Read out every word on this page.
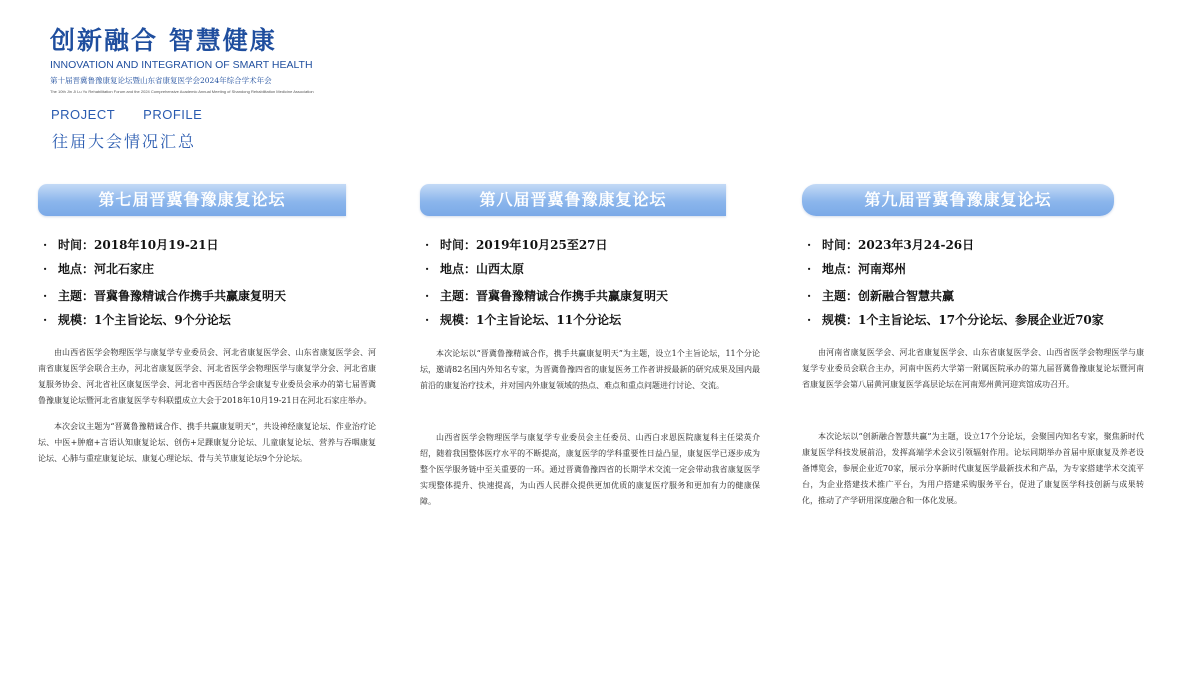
创新融合 智慧健康
INNOVATION AND INTEGRATION OF SMART HEALTH
第十届晋冀鲁豫康复论坛暨山东省康复医学会2024年综合学术年会
The 10th Jin Ji Lu Yu Rehabilitation Forum and the 2024 Comprehensive Academic Annual Meeting of Shandong Rehabilitation Medicine Association
PROJECT PROFILE
往届大会情况汇总
第七届晋冀鲁豫康复论坛
· 时间：2018年10月19-21日
· 地点：河北石家庄
· 主题：晋冀鲁豫精诚合作携手共赢康复明天
· 规模：1个主旨论坛、9个分论坛

由山西省医学会物理医学与康复学专业委员会、河北省康复医学会、山东省康复医学会、河南省康复医学会联合主办，河北省康复医学会、河北省医学会物理医学与康复学分会、河北省康复服务协会、河北省社区康复医学会、河北省中西医结合学会康复专业委员会承办的第七届晋冀鲁豫康复论坛暨河北省康复医学专科联盟成立大会于2018年10月19-21日在河北石家庄举办。

本次会议主题为“晋冀鲁豫精诚合作、携手共赢康复明天”，共设神经康复论坛、作业治疗论坛、中医+肿瘤+言语认知康复论坛、创伤+足踝康复分论坛、儿童康复论坛、营养与吞咽康复论坛、心肺与重症康复论坛、康复心理论坛、骨与关节康复论坛9个分论坛。

第八届晋冀鲁豫康复论坛
· 时间：2019年10月25至27日
· 地点：山西太原
· 主题：晋冀鲁豫精诚合作携手共赢康复明天
· 规模：1个主旨论坛、11个分论坛

本次论坛以“晋冀鲁豫精诚合作，携手共赢康复明天”为主题，设立1个主旨论坛，11个分论坛，邀请82名国内外知名专家，为晋冀鲁豫四省的康复医务工作者讲授最新的研究成果及国内最前沿的康复治疗技术，并对国内外康复领域的热点、难点和重点问题进行讨论、交流。

山西省医学会物理医学与康复学专业委员会主任委员、山西白求恩医院康复科主任梁英介绍，随着我国整体医疗水平的不断提高，康复医学的学科重要性日益凸显，康复医学已逐步成为整个医学服务链中至关重要的一环。通过晋冀鲁豫四省的长期学术交流一定会带动我省康复医学实现整体提升、快速提高，为山西人民群众提供更加优质的康复医疗服务和更加有力的健康保障。

第九届晋冀鲁豫康复论坛
· 时间：2023年3月24-26日
· 地点：河南郑州
· 主题：创新融合智慧共赢
· 规模：1个主旨论坛、17个分论坛、参展企业近70家

由河南省康复医学会、河北省康复医学会、山东省康复医学会、山西省医学会物理医学与康复学专业委员会联合主办，河南中医药大学第一附属医院承办的第九届晋冀鲁豫康复论坛暨河南省康复医学会第八届黄河康复医学高层论坛在河南郑州黄河迎宾馆成功召开。

本次论坛以“创新融合智慧共赢”为主题，设立17个分论坛，会聚国内知名专家，聚焦新时代康复医学科技发展前沿，发挥高端学术会议引领辐射作用。论坛同期举办首届中原康复及养老设备博览会，参展企业近70家，展示分享新时代康复医学最新技术和产品，为专家搭建学术交流平台，为企业搭建技术推广平台，为用户搭建采购服务平台，促进了康复医学科技创新与成果转化，推动了产学研用深度融合和一体化发展。
